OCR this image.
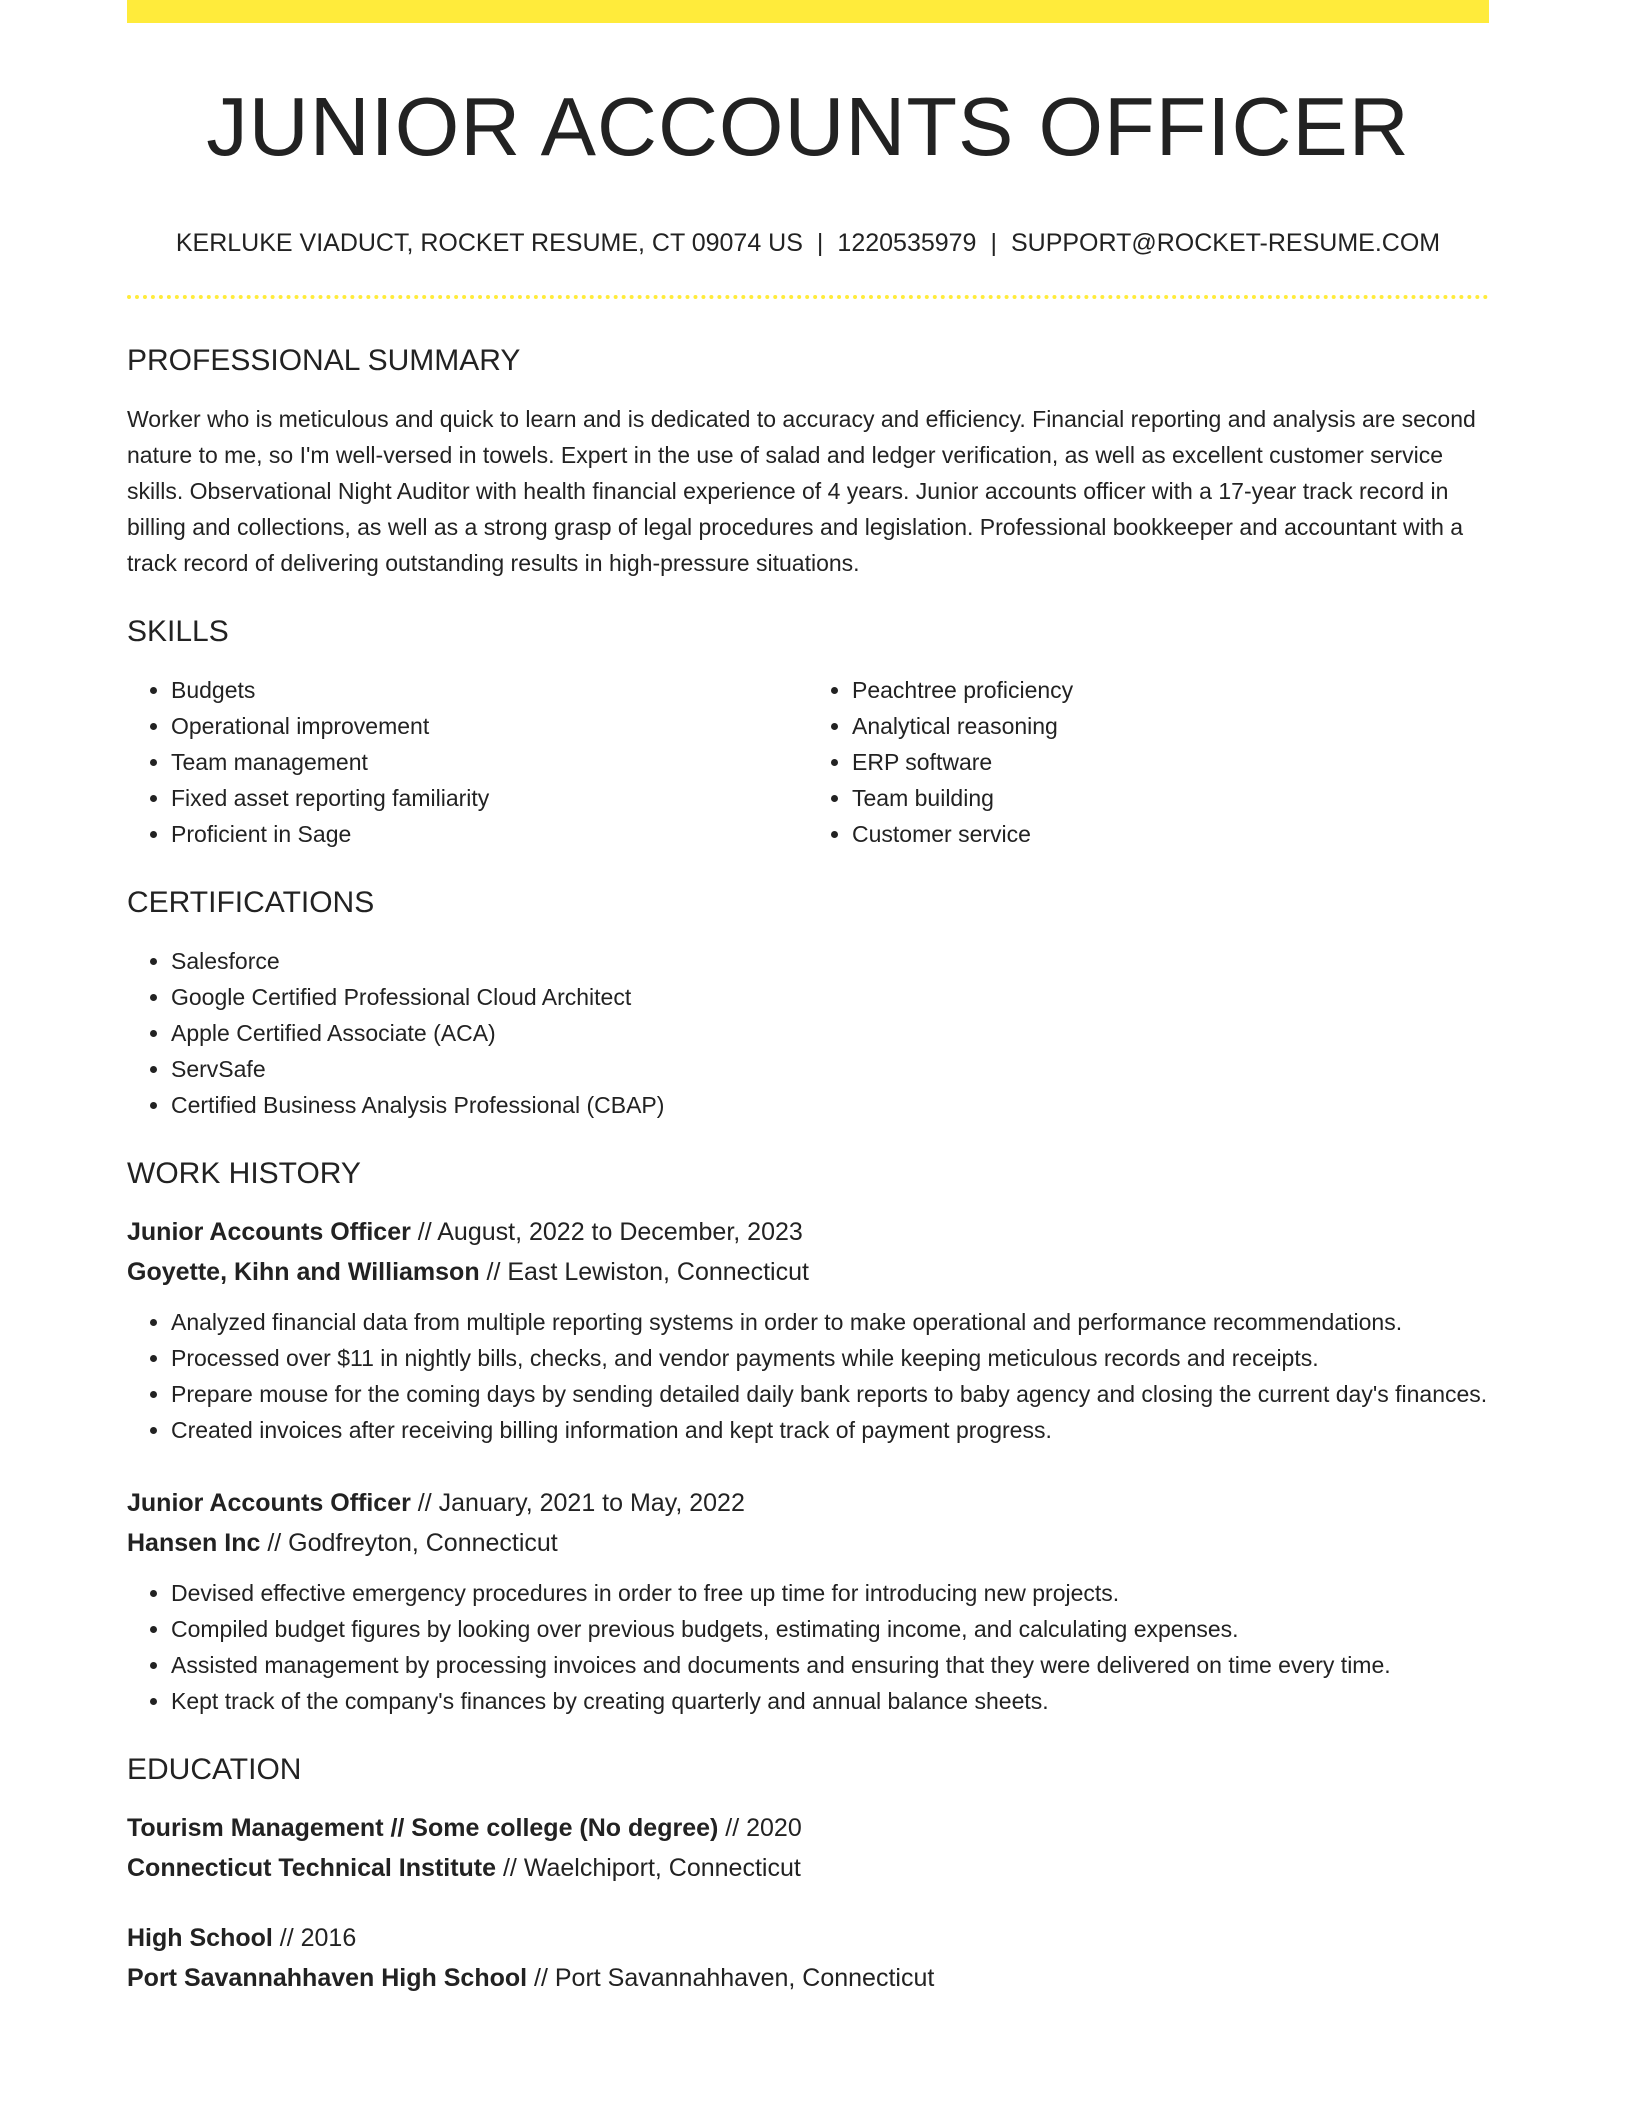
JUNIOR ACCOUNTS OFFICER
KERLUKE VIADUCT, ROCKET RESUME, CT 09074 US | 1220535979 | SUPPORT@ROCKET-RESUME.COM
PROFESSIONAL SUMMARY

Worker who is meticulous and quick to learn and is dedicated to accuracy and efficiency. Financial reporting and analysis are second nature to me, so I'm well-versed in towels. Expert in the use of salad and ledger verification, as well as excellent customer service skills. Observational Night Auditor with health financial experience of 4 years. Junior accounts officer with a 17-year track record in billing and collections, as well as a strong grasp of legal procedures and legislation. Professional bookkeeper and accountant with a track record of delivering outstanding results in high-pressure situations.

SKILLS
• Budgets
• Operational improvement
• Team management
• Fixed asset reporting familiarity
• Proficient in Sage
• Peachtree proficiency
• Analytical reasoning
• ERP software
• Team building
• Customer service
CERTIFICATIONS
• Salesforce
• Google Certified Professional Cloud Architect
• Apple Certified Associate (ACA)
• ServSafe
• Certified Business Analysis Professional (CBAP)
WORK HISTORY
Junior Accounts Officer // August, 2022 to December, 2023
Goyette, Kihn and Williamson // East Lewiston, Connecticut
• Analyzed financial data from multiple reporting systems in order to make operational and performance recommendations.
• Processed over $11 in nightly bills, checks, and vendor payments while keeping meticulous records and receipts.
• Prepare mouse for the coming days by sending detailed daily bank reports to baby agency and closing the current day's finances.
• Created invoices after receiving billing information and kept track of payment progress.
Junior Accounts Officer // January, 2021 to May, 2022
Hansen Inc // Godfreyton, Connecticut
• Devised effective emergency procedures in order to free up time for introducing new projects.
• Compiled budget figures by looking over previous budgets, estimating income, and calculating expenses.
• Assisted management by processing invoices and documents and ensuring that they were delivered on time every time.
• Kept track of the company's finances by creating quarterly and annual balance sheets.
EDUCATION
Tourism Management // Some college (No degree) // 2020
Connecticut Technical Institute // Waelchiport, Connecticut
High School // 2016
Port Savannahhaven High School // Port Savannahhaven, Connecticut
